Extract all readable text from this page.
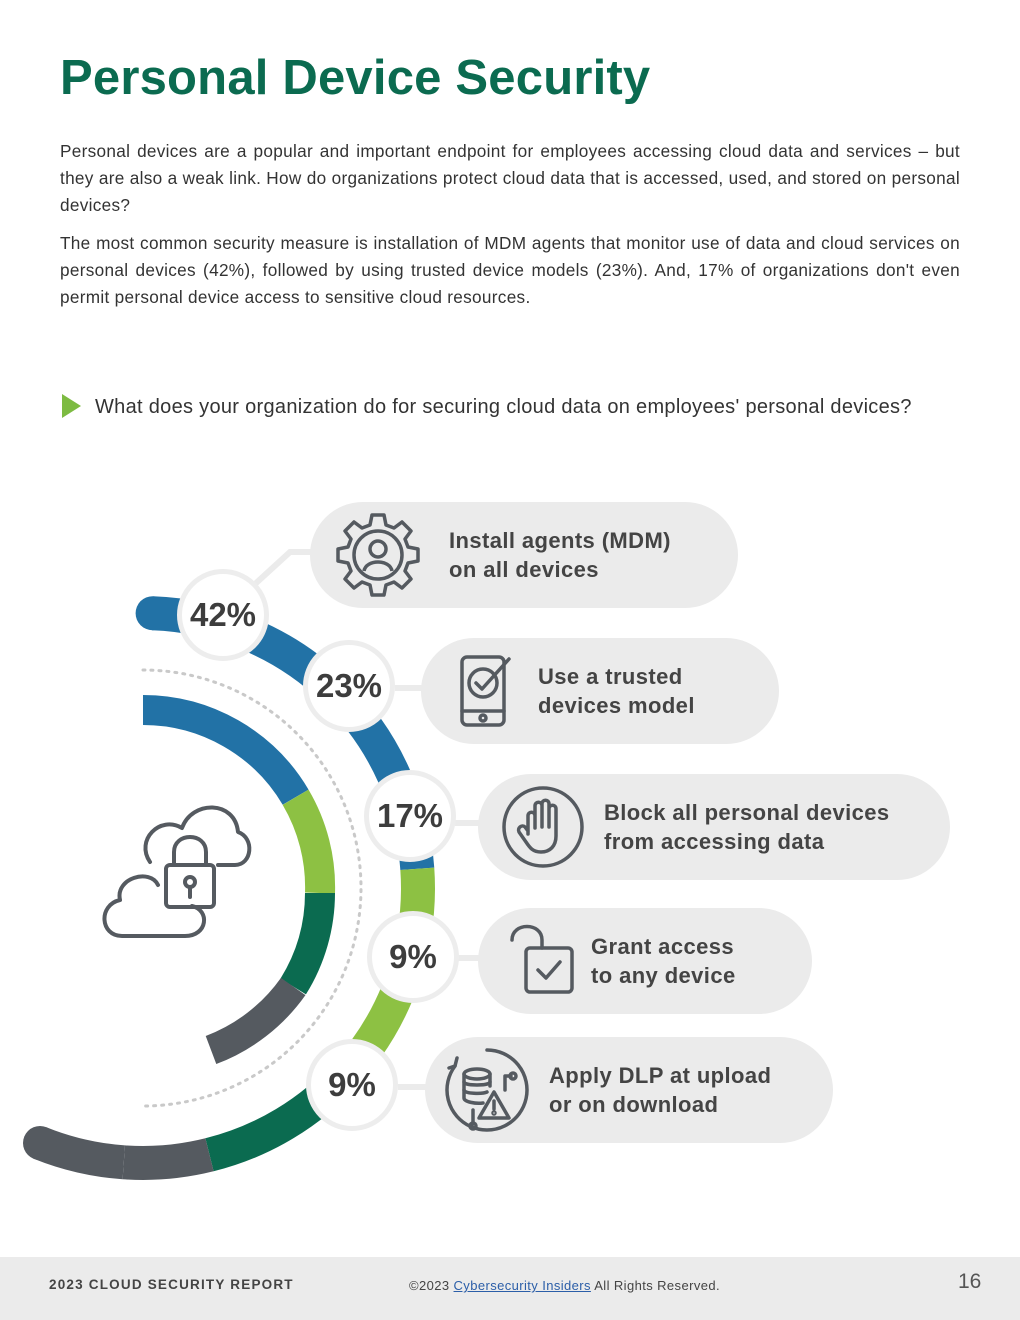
Personal Device Security

Personal devices are a popular and important endpoint for employees accessing cloud data and services – but they are also a weak link. How do organizations protect cloud data that is accessed, used, and stored on personal devices?

The most common security measure is installation of MDM agents that monitor use of data and cloud services on personal devices (42%), followed by using trusted device models (23%). And, 17% of organizations don't even permit personal device access to sensitive cloud resources.

What does your organization do for securing cloud data on employees' personal devices?
Install agents (MDM)
on all devices
Use a trusted
devices model
Block all personal devices
from accessing data
Grant access
to any device
Apply DLP at upload
or on download
42%
23%
17%
9%
9%
2023 CLOUD SECURITY REPORT	©2023 Cybersecurity Insiders All Rights Reserved.	16
